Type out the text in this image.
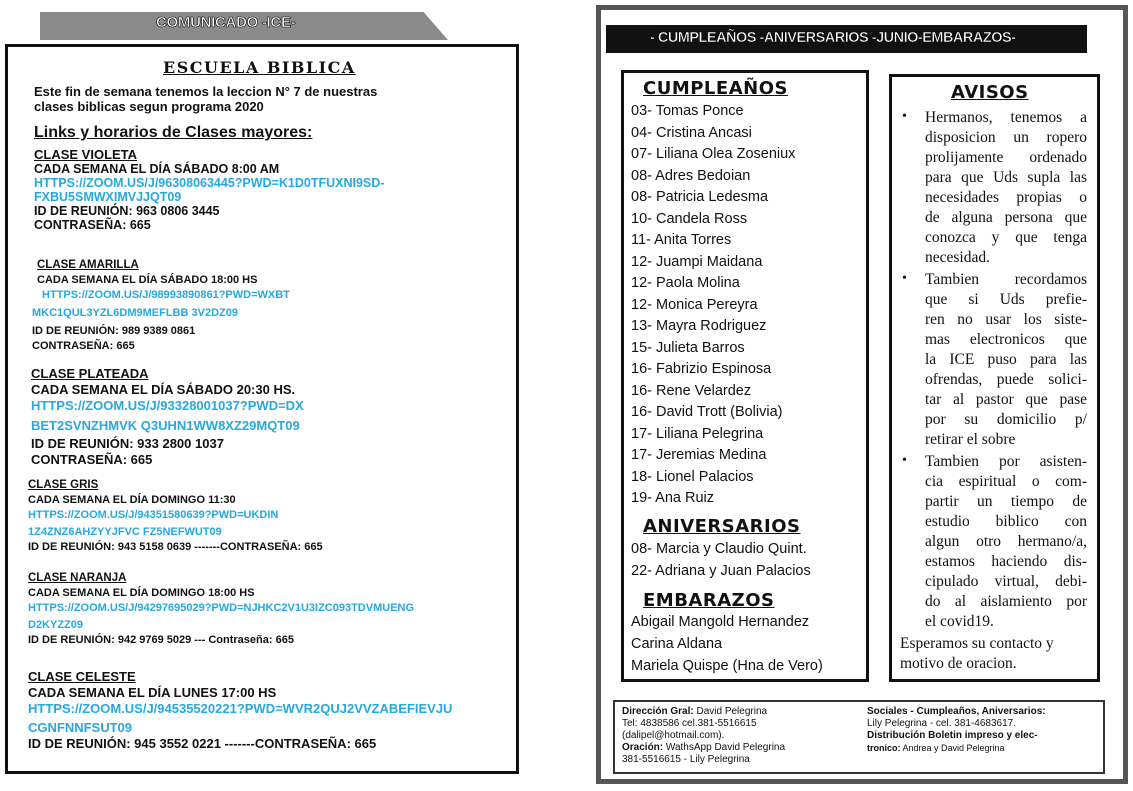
COMUNICADO -ICE-
ESCUELA BIBLICA
Este fin de semana tenemos la leccion N° 7 de nuestras
clases biblicas segun programa 2020
Links y horarios de Clases mayores:
CLASE VIOLETA
CADA SEMANA EL DÍA SÁBADO 8:00 AM
HTTPS://ZOOM.US/J/96308063445?PWD=K1D0TFUXNI9SD-
FXBU5SMWXIMVJJQT09
ID DE REUNIÓN: 963 0806 3445
CONTRASEÑA: 665
CLASE AMARILLA
CADA SEMANA EL DÍA SÁBADO 18:00 HS
HTTPS://ZOOM.US/J/98993890861?PWD=WXBT
MKC1QUL3YZL6DM9MEFLBB 3V2DZ09
ID DE REUNIÓN: 989 9389 0861
CONTRASEÑA: 665
CLASE PLATEADA
CADA SEMANA EL DÍA SÁBADO 20:30 HS.
HTTPS://ZOOM.US/J/93328001037?PWD=DX
BET2SVNZHMVK Q3UHN1WW8XZ29MQT09
ID DE REUNIÓN: 933 2800 1037
CONTRASEÑA: 665
CLASE GRIS
CADA SEMANA EL DÍA DOMINGO 11:30
HTTPS://ZOOM.US/J/94351580639?PWD=UKDIN
1Z4ZNZ6AHZYYJFVC FZ5NEFWUT09
ID DE REUNIÓN: 943 5158 0639 -------CONTRASEÑA: 665
CLASE NARANJA
CADA SEMANA EL DÍA DOMINGO 18:00 HS
HTTPS://ZOOM.US/J/94297695029?PWD=NJHKC2V1U3IZC093TDVMUENG
D2KYZZ09
ID DE REUNIÓN: 942 9769 5029 --- Contraseña: 665
CLASE CELESTE
CADA SEMANA EL DÍA LUNES 17:00 HS
HTTPS://ZOOM.US/J/94535520221?PWD=WVR2QUJ2VVZABEFIEVJU
CGNFNNFSUT09
ID DE REUNIÓN: 945 3552 0221 -------CONTRASEÑA: 665
- CUMPLEAÑOS -ANIVERSARIOS -JUNIO-EMBARAZOS-
CUMPLEAÑOS
03- Tomas Ponce
04- Cristina Ancasi
07- Liliana Olea Zoseniux
08- Adres Bedoian
08- Patricia Ledesma
10- Candela Ross
11- Anita Torres
12- Juampi Maidana
12- Paola Molina
12- Monica Pereyra
13- Mayra Rodriguez
15- Julieta Barros
16- Fabrizio Espinosa
16- Rene Velardez
16- David Trott (Bolivia)
17- Liliana Pelegrina
17- Jeremias Medina
18- Lionel Palacios
19- Ana Ruiz
ANIVERSARIOS
08- Marcia y Claudio Quint.
22- Adriana y Juan Palacios
EMBARAZOS
Abigail Mangold Hernandez
Carina Aldana
Mariela Quispe (Hna de Vero)
AVISOS
• Hermanos, tenemos a
disposicion un ropero
prolijamente ordenado
para que Uds supla las
necesidades propias o
de alguna persona que
conozca y que tenga
necesidad.
• Tambien recordamos
que si Uds prefie-
ren no usar los siste-
mas electronicos que
la ICE puso para las
ofrendas, puede solici-
tar al pastor que pase
por su domicilio p/
retirar el sobre
• Tambien por asisten-
cia espiritual o com-
partir un tiempo de
estudio biblico con
algun otro hermano/a,
estamos haciendo dis-
cipulado virtual, debi-
do al aislamiento por
el covid19.
Esperamos su contacto y
motivo de oracion.
Dirección Gral: David Pelegrina
Tel: 4838586 cel.381-5516615
(dalipel@hotmail.com).
Oración: WathsApp David Pelegrina
381-5516615 - Lily Pelegrina
Sociales - Cumpleaños, Aniversarios:
Lily Pelegrina - cel. 381-4683617.
Distribución Boletin impreso y elec-
tronico: Andrea y David Pelegrina
